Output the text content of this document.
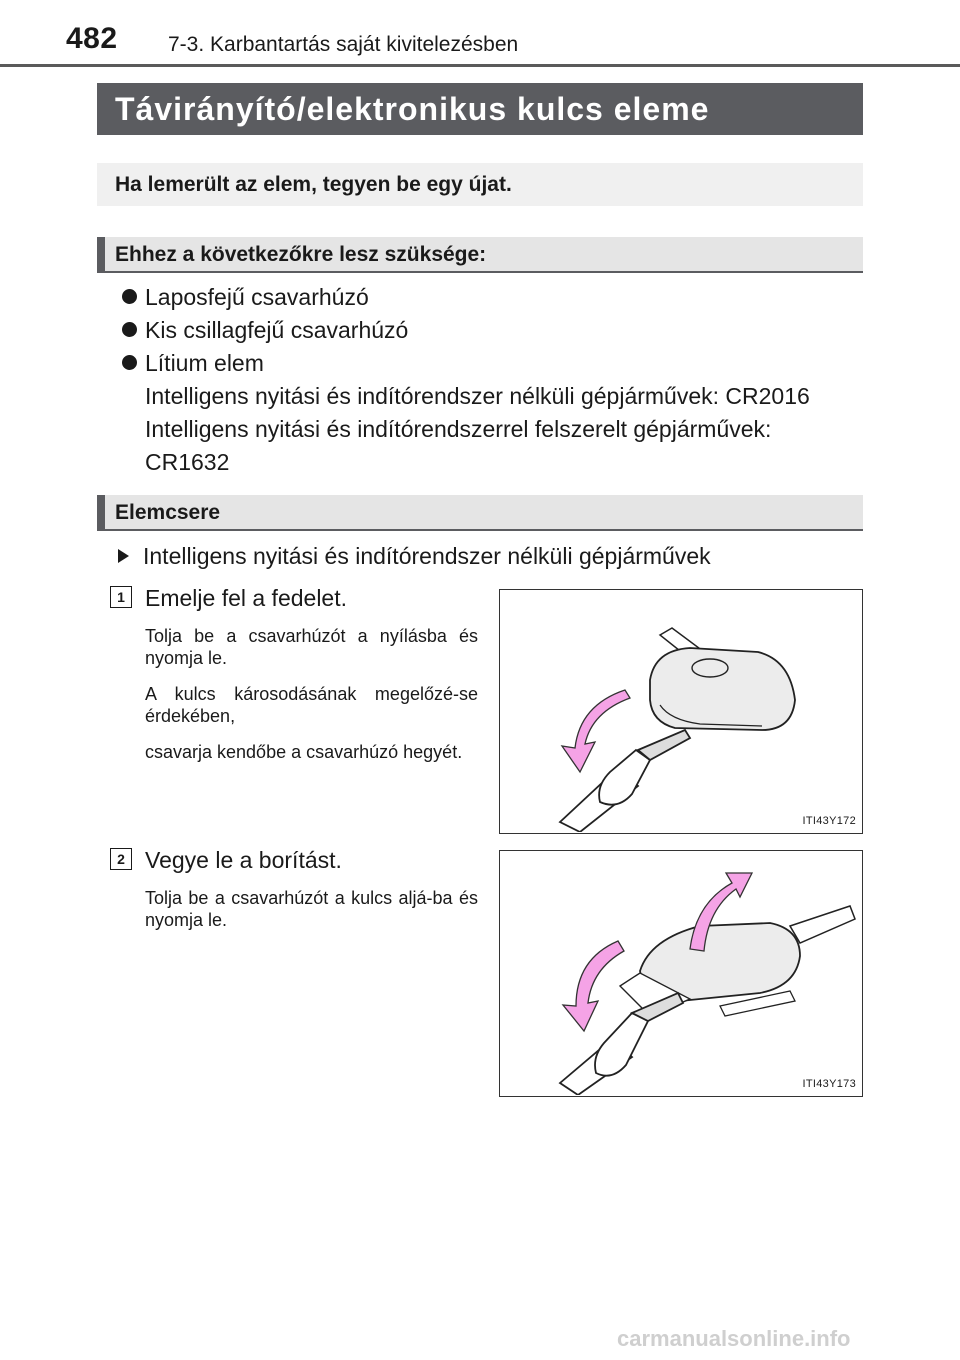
482 7-3. Karbantartás saját kivitelezésben
Távirányító/elektronikus kulcs eleme
Ha lemerült az elem, tegyen be egy újat.
Ehhez a következőkre lesz szüksége:
Laposfejű csavarhúzó
Kis csillagfejű csavarhúzó
Lítium elem
Intelligens nyitási és indítórendszer nélküli gépjárművek: CR2016
Intelligens nyitási és indítórendszerrel felszerelt gépjárművek:
CR1632
Elemcsere
Intelligens nyitási és indítórendszer nélküli gépjárművek
1 Emelje fel a fedelet.
Tolja be a csavarhúzót a nyílásba és nyomja le.
A kulcs károsodásának megelőzé-se érdekében,
csavarja kendőbe a csavarhúzó hegyét.
ITI43Y172
2 Vegye le a borítást.
Tolja be a csavarhúzót a kulcs aljá-ba és nyomja le.
ITI43Y173
carmanualsonline.info
